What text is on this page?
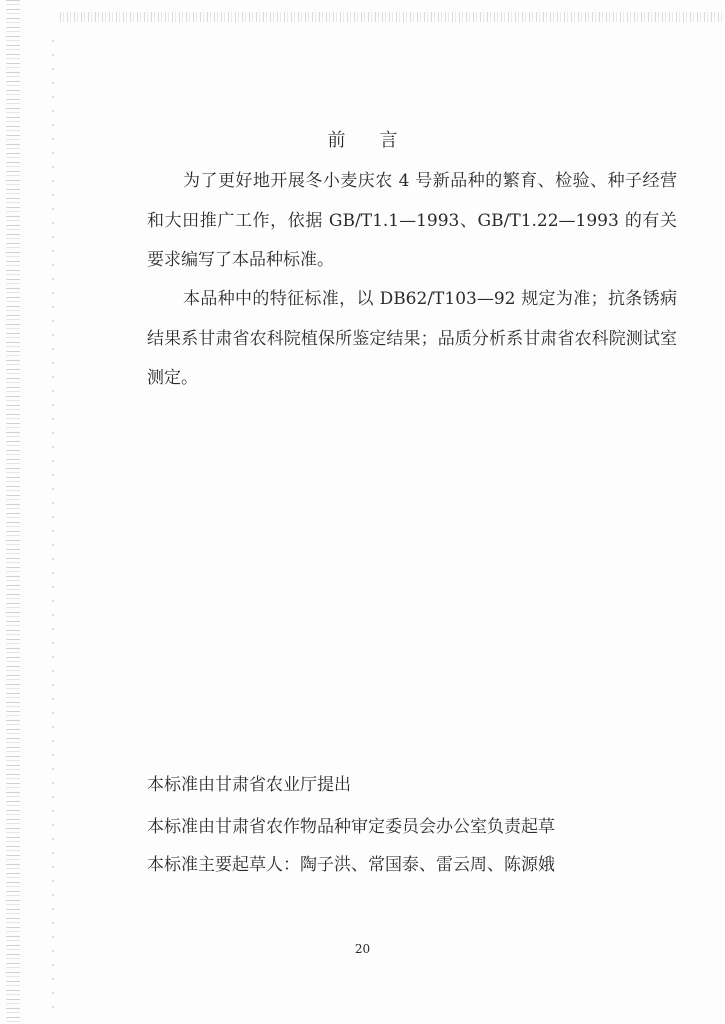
前言

为了更好地开展冬小麦庆农 4 号新品种的繁育、检验、种子经营和大田推广工作，依据 GB/T1.1—1993、GB/T1.22—1993 的有关要求编写了本品种标准。

本品种中的特征标准，以 DB62/T103—92 规定为准；抗条锈病结果系甘肃省农科院植保所鉴定结果；品质分析系甘肃省农科院测试室测定。

本标准由甘肃省农业厅提出
本标准由甘肃省农作物品种审定委员会办公室负责起草
本标准主要起草人：陶子洪、常国泰、雷云周、陈源娥
20
